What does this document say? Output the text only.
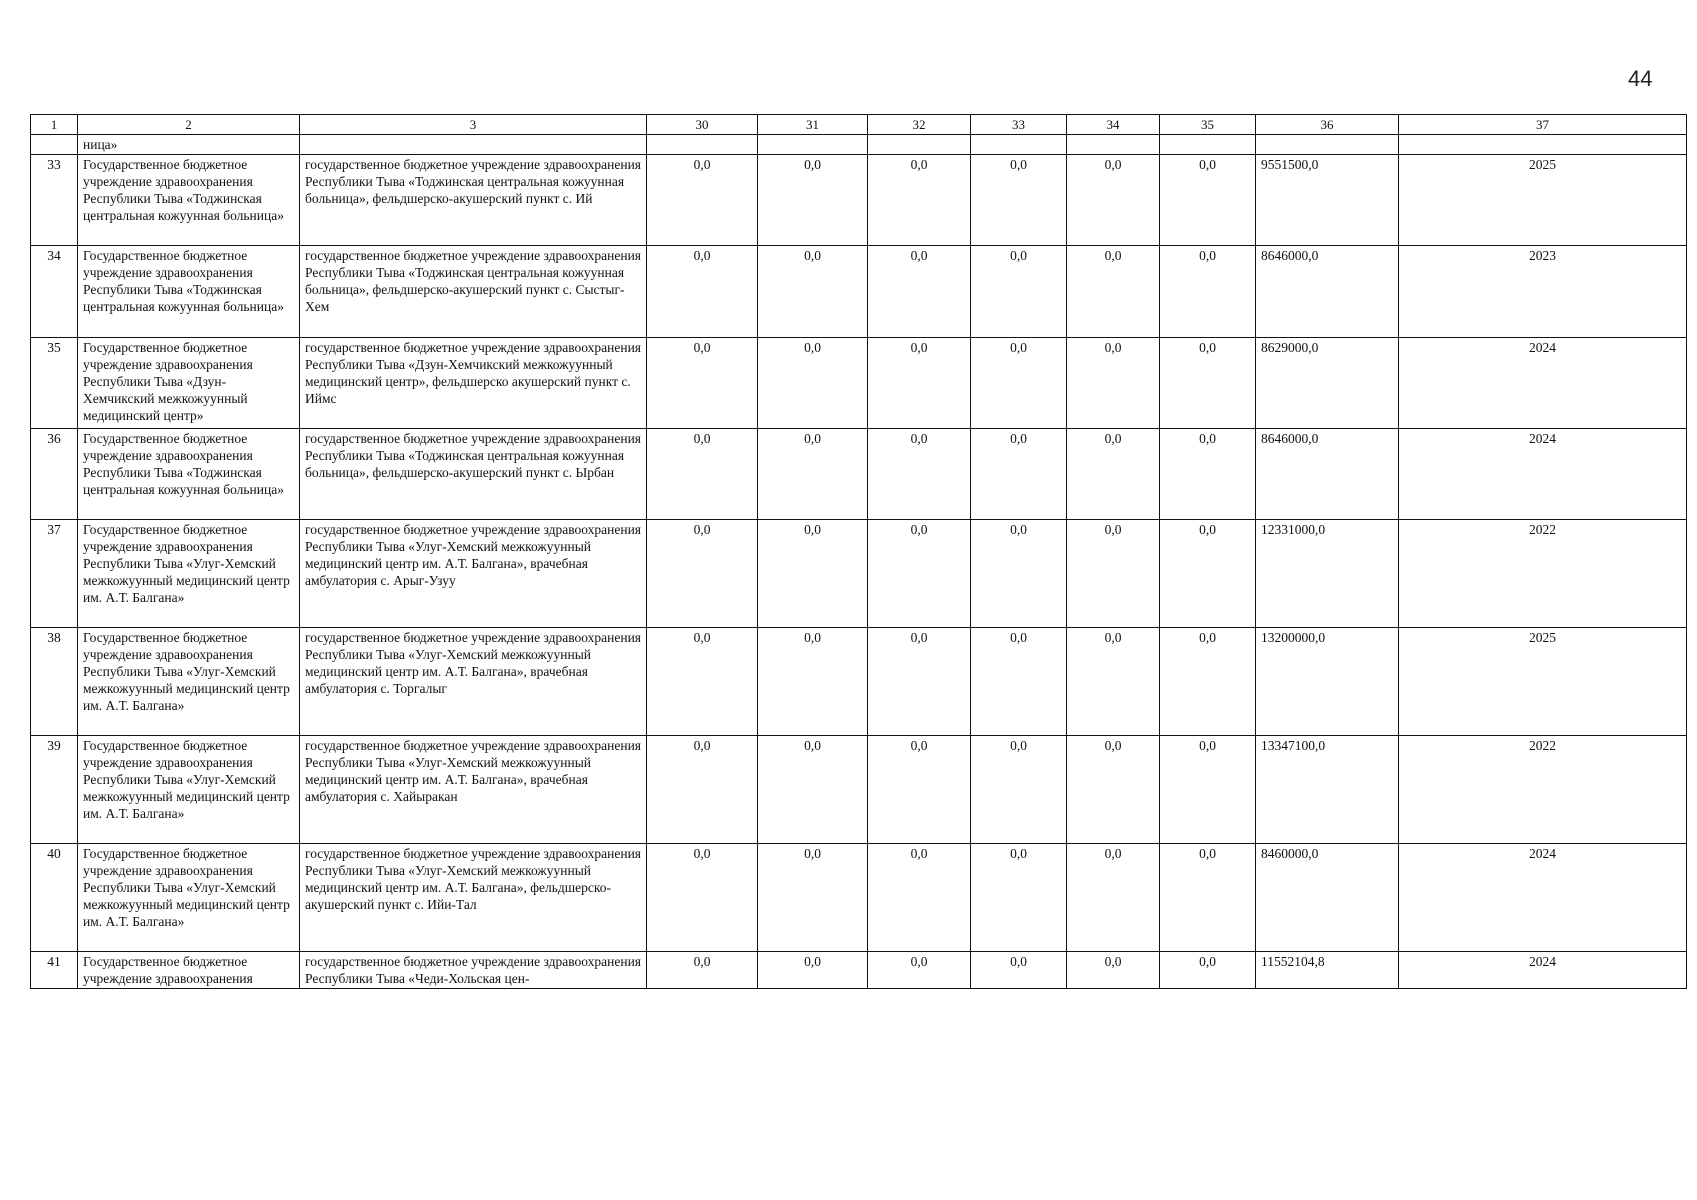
44
1	2	3	30	31	32	33	34	35	36	37
	ница»									
33	Государственное бюджетное учреждение здравоохранения Республики Тыва «Тоджинская центральная кожуунная больница»	государственное бюджетное учреждение здравоохранения Республики Тыва «Тоджинская центральная кожуунная больница», фельдшерско-акушерский пункт с. Ий	0,0	0,0	0,0	0,0	0,0	0,0	9551500,0	2025
34	Государственное бюджетное учреждение здравоохранения Республики Тыва «Тоджинская центральная кожуунная больница»	государственное бюджетное учреждение здравоохранения Республики Тыва «Тоджинская центральная кожуунная больница», фельдшерско-акушерский пункт с. Сыстыг-Хем	0,0	0,0	0,0	0,0	0,0	0,0	8646000,0	2023
35	Государственное бюджетное учреждение здравоохранения Республики Тыва «Дзун-Хемчикский межкожуунный медицинский центр»	государственное бюджетное учреждение здравоохранения Республики Тыва «Дзун-Хемчикский межкожуунный медицинский центр», фельдшерско акушерский пункт с. Иймс	0,0	0,0	0,0	0,0	0,0	0,0	8629000,0	2024
36	Государственное бюджетное учреждение здравоохранения Республики Тыва «Тоджинская центральная кожуунная больница»	государственное бюджетное учреждение здравоохранения Республики Тыва «Тоджинская центральная кожуунная больница», фельдшерско-акушерский пункт с. Ырбан	0,0	0,0	0,0	0,0	0,0	0,0	8646000,0	2024
37	Государственное бюджетное учреждение здравоохранения Республики Тыва «Улуг-Хемский межкожуунный медицинский центр им. А.Т. Балгана»	государственное бюджетное учреждение здравоохранения Республики Тыва «Улуг-Хемский межкожуунный медицинский центр им. А.Т. Балгана», врачебная амбулатория с. Арыг-Узуу	0,0	0,0	0,0	0,0	0,0	0,0	12331000,0	2022
38	Государственное бюджетное учреждение здравоохранения Республики Тыва «Улуг-Хемский межкожуунный медицинский центр им. А.Т. Балгана»	государственное бюджетное учреждение здравоохранения Республики Тыва «Улуг-Хемский межкожуунный медицинский центр им. А.Т. Балгана», врачебная амбулатория с. Торгалыг	0,0	0,0	0,0	0,0	0,0	0,0	13200000,0	2025
39	Государственное бюджетное учреждение здравоохранения Республики Тыва «Улуг-Хемский межкожуунный медицинский центр им. А.Т. Балгана»	государственное бюджетное учреждение здравоохранения Республики Тыва «Улуг-Хемский межкожуунный медицинский центр им. А.Т. Балгана», врачебная амбулатория с. Хайыракан	0,0	0,0	0,0	0,0	0,0	0,0	13347100,0	2022
40	Государственное бюджетное учреждение здравоохранения Республики Тыва «Улуг-Хемский межкожуунный медицинский центр им. А.Т. Балгана»	государственное бюджетное учреждение здравоохранения Республики Тыва «Улуг-Хемский межкожуунный медицинский центр им. А.Т. Балгана», фельдшерско-акушерский пункт с. Ийи-Тал	0,0	0,0	0,0	0,0	0,0	0,0	8460000,0	2024
41	Государственное бюджетное учреждение здравоохранения	государственное бюджетное учреждение здравоохранения Республики Тыва «Чеди-Хольская цен-	0,0	0,0	0,0	0,0	0,0	0,0	11552104,8	2024
